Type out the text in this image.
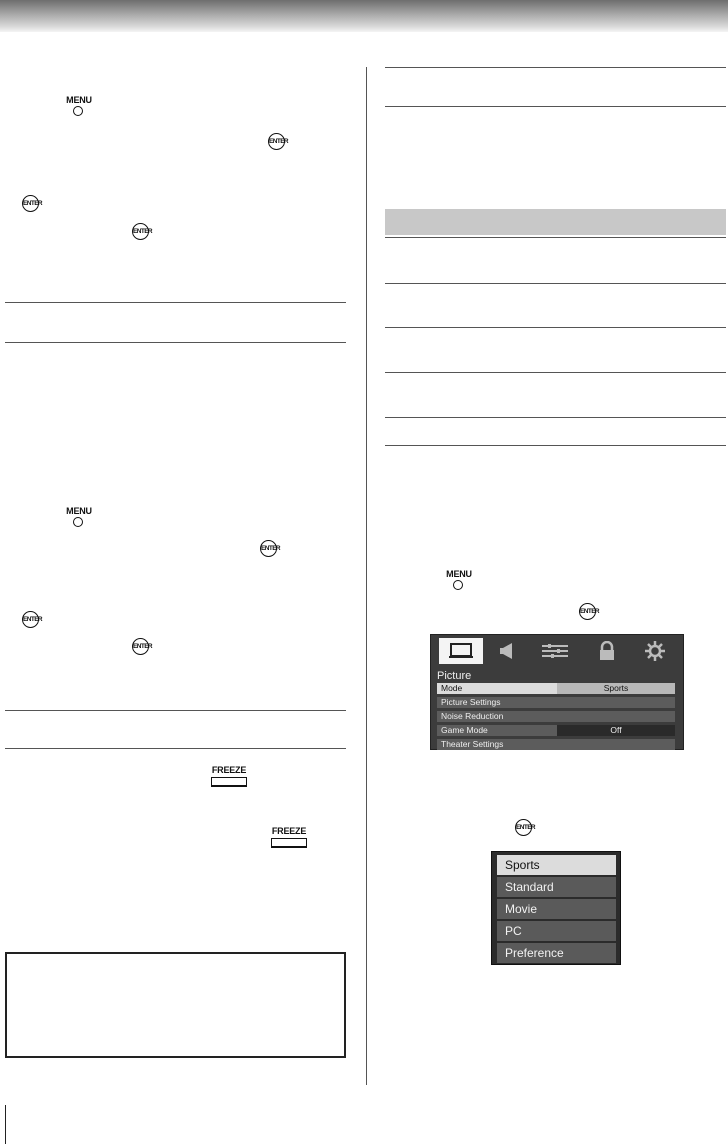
MENU
ENTER
ENTER
ENTER
MENU
ENTER
ENTER
ENTER
FREEZE
FREEZE
MENU
ENTER
ENTER
Picture
Mode	Sports
Picture Settings
Noise Reduction
Game Mode	Off
Theater Settings
Sports
Standard
Movie
PC
Preference
